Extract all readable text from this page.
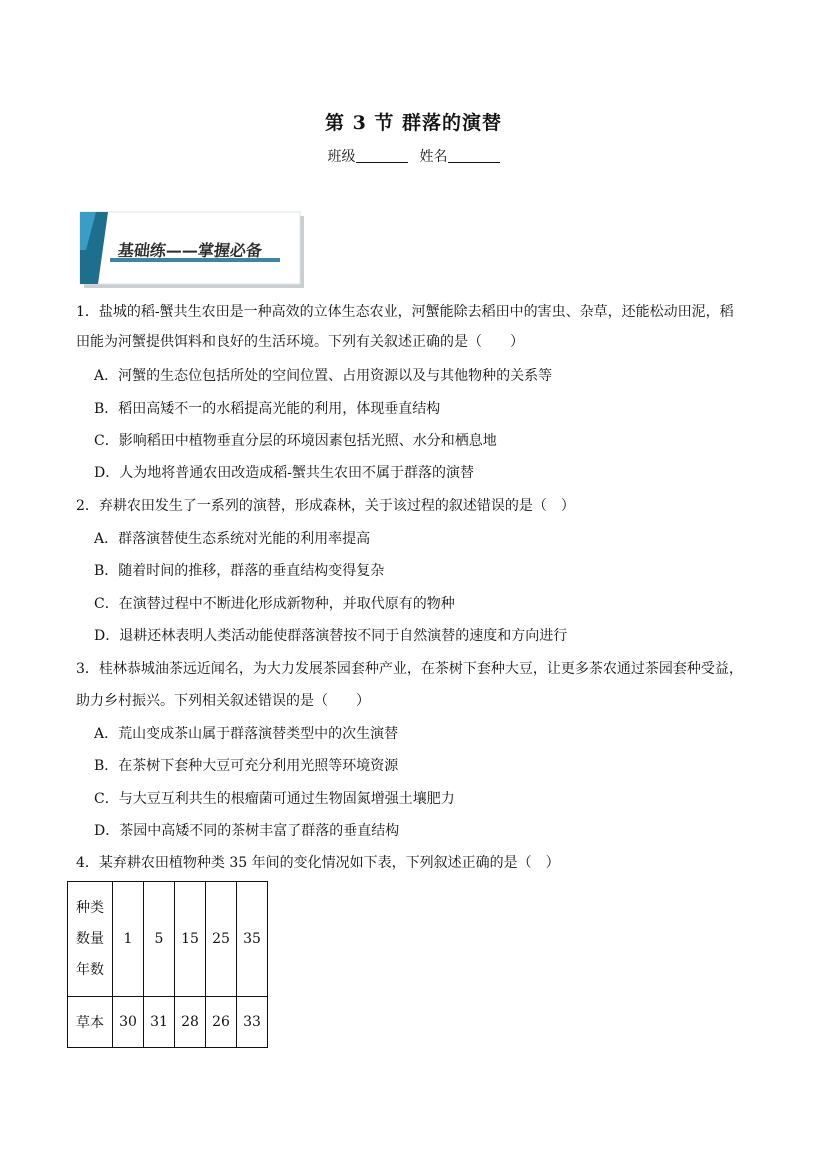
第 3 节 群落的演替
班级	姓名
基础练——掌握必备
1．盐城的稻-蟹共生农田是一种高效的立体生态农业，河蟹能除去稻田中的害虫、杂草，还能松动田泥，稻
田能为河蟹提供饵料和良好的生活环境。下列有关叙述正确的是（　　）
A．河蟹的生态位包括所处的空间位置、占用资源以及与其他物种的关系等
B．稻田高矮不一的水稻提高光能的利用，体现垂直结构
C．影响稻田中植物垂直分层的环境因素包括光照、水分和栖息地
D．人为地将普通农田改造成稻-蟹共生农田不属于群落的演替
2．弃耕农田发生了一系列的演替，形成森林，关于该过程的叙述错误的是（　）
A．群落演替使生态系统对光能的利用率提高
B．随着时间的推移，群落的垂直结构变得复杂
C．在演替过程中不断进化形成新物种，并取代原有的物种
D．退耕还林表明人类活动能使群落演替按不同于自然演替的速度和方向进行
3．桂林恭城油茶远近闻名，为大力发展茶园套种产业，在茶树下套种大豆，让更多茶农通过茶园套种受益，
助力乡村振兴。下列相关叙述错误的是（　　）
A．荒山变成茶山属于群落演替类型中的次生演替
B．在茶树下套种大豆可充分利用光照等环境资源
C．与大豆互利共生的根瘤菌可通过生物固氮增强土壤肥力
D．茶园中高矮不同的茶树丰富了群落的垂直结构
4．某弃耕农田植物种类 35 年间的变化情况如下表，下列叙述正确的是（　）
种类
数量
年数	1	5	15	25	35
草本	30	31	28	26	33
